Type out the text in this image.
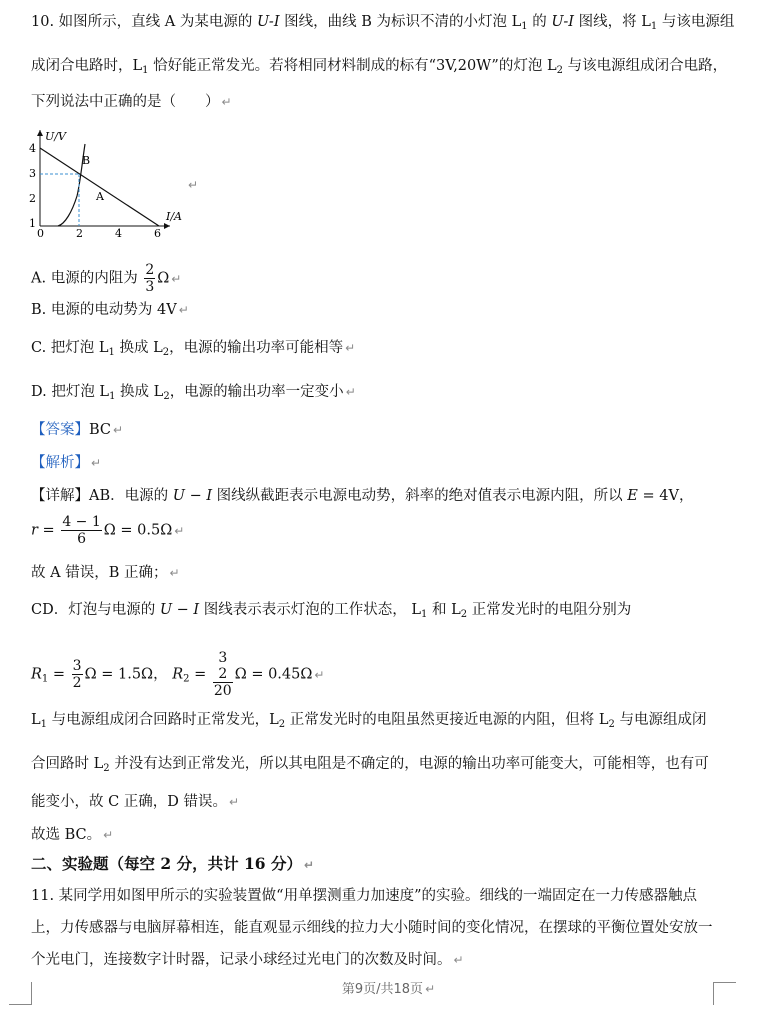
10. 如图所示，直线 A 为某电源的 U-I 图线，曲线 B 为标识不清的小灯泡 $L_1$ 的 U-I 图线，将 $L_1$ 与该电源组
成闭合电路时，$L_1$ 恰好能正常发光。若将相同材料制成的标有“3V,20W”的灯泡 $L_2$ 与该电源组成闭合电路，
下列说法中正确的是（　　） ↵
U/V
I/A
4
3
2
1
0	2	4	6
B
A
↵
A. 电源的内阻为 $\frac{2}{3}$ Ω ↵
B. 电源的电动势为 4V ↵
C. 把灯泡 $L_1$ 换成 $L_2$，电源的输出功率可能相等 ↵
D. 把灯泡 $L_1$ 换成 $L_2$，电源的输出功率一定变小 ↵
【答案】BC ↵
【解析】 ↵
【详解】AB．电源的 U − I 图线纵截距表示电源电动势，斜率的绝对值表示电源内阻，所以 E = 4V，
$r = \frac{4 - 1}{6}$ Ω = 0.5Ω ↵
故 A 错误，B 正确； ↵
CD．灯泡与电源的 U − I 图线表示表示灯泡的工作状态， $L_1$ 和 $L_2$ 正常发光时的电阻分别为
$R_1 = \frac{3}{2}$ Ω = 1.5Ω， $R_2 = 3$
2
20 Ω = 0.45Ω ↵
$L_1$ 与电源组成闭合回路时正常发光，$L_2$ 正常发光时的电阻虽然更接近电源的内阻，但将 $L_2$ 与电源组成闭
合回路时 $L_2$ 并没有达到正常发光，所以其电阻是不确定的，电源的输出功率可能变大，可能相等，也有可
能变小，故 C 正确，D 错误。 ↵
故选 BC。 ↵
二、实验题（每空 2 分，共计 16 分） ↵
11. 某同学用如图甲所示的实验装置做“用单摆测重力加速度”的实验。细线的一端固定在一力传感器触点
上，力传感器与电脑屏幕相连，能直观显示细线的拉力大小随时间的变化情况，在摆球的平衡位置处安放一
个光电门，连接数字计时器，记录小球经过光电门的次数及时间。 ↵
第9页/共18页 ↵
